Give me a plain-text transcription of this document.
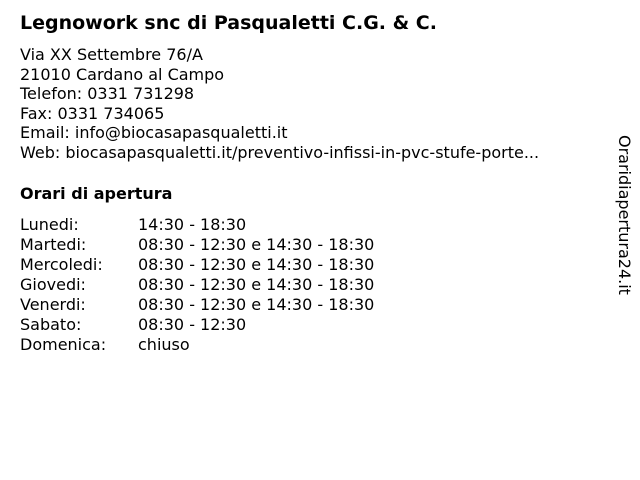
Legnowork snc di Pasqualetti C.G. & C.
Via XX Settembre 76/A
21010 Cardano al Campo
Telefon: 0331 731298
Fax: 0331 734065
Email: info@biocasapasqualetti.it
Web: biocasapasqualetti.it/preventivo-infissi-in-pvc-stufe-porte...
Orari di apertura
Lunedi:	14:30 - 18:30
Martedi:	08:30 - 12:30 e 14:30 - 18:30
Mercoledi: 08:30 - 12:30 e 14:30 - 18:30
Giovedi:	08:30 - 12:30 e 14:30 - 18:30
Venerdi:	08:30 - 12:30 e 14:30 - 18:30
Sabato:	08:30 - 12:30
Domenica: chiuso
Oraridiapertura24.it
